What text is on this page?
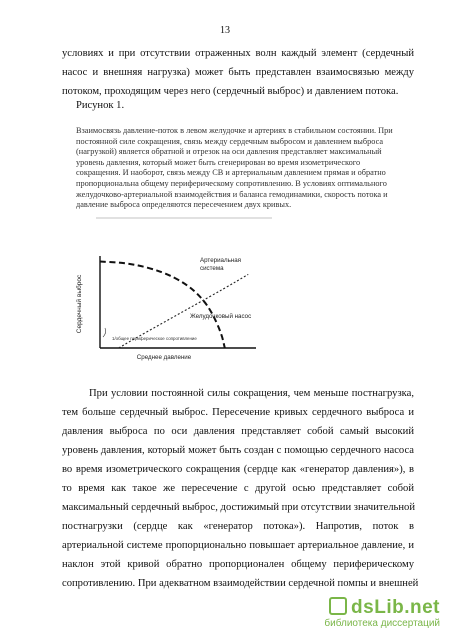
13

условиях и при отсутствии отраженных волн каждый элемент (сердечный
насос и внешняя нагрузка) может быть представлен взаимосвязью между
потоком, проходящим через него (сердечный выброс) и давлением потока.

Рисунок 1.
Взаимосвязь давление-поток в левом желудочке и артериях в стабильном состоянии. При
постоянной силе сокращения, связь между сердечным выбросом и давлением выброса
(нагрузкой) является обратной и отрезок на оси давления представляет максимальный
уровень давления, который может быть сгенерирован во время изометрического
сокращения. И наоборот, связь между СВ и артериальным давлением прямая и обратно
пропорциональна общему периферическому сопротивлению. В условиях оптимального
желудочково-артериальной взаимодействия и баланса гемодинамики, скорость потока и
давление выброса определяются пересечением двух кривых.
Сердечный выброс
Среднее давление
Артериальная
система
Желудочковый насос
1/общее периферическое сопротивление

При условии постоянной силы сокращения, чем меньше постнагрузка,
тем больше сердечный выброс. Пересечение кривых сердечного выброса и
давления выброса по оси давления представляет собой самый высокий
уровень давления, который может быть создан с помощью сердечного насоса
во время изометрического сокращения (сердце как «генератор давления»), в
то время как такое же пересечение с другой осью представляет собой
максимальный сердечный выброс, достижимый при отсутствии значительной
постнагрузки (сердце как «генератор потока»). Напротив, поток в
артериальной системе пропорционально повышает артериальное давление, и
наклон этой кривой обратно пропорционален общему периферическому
сопротивлению. При адекватном взаимодействии сердечной помпы и внешней

dsLib.net
библиотека диссертаций
